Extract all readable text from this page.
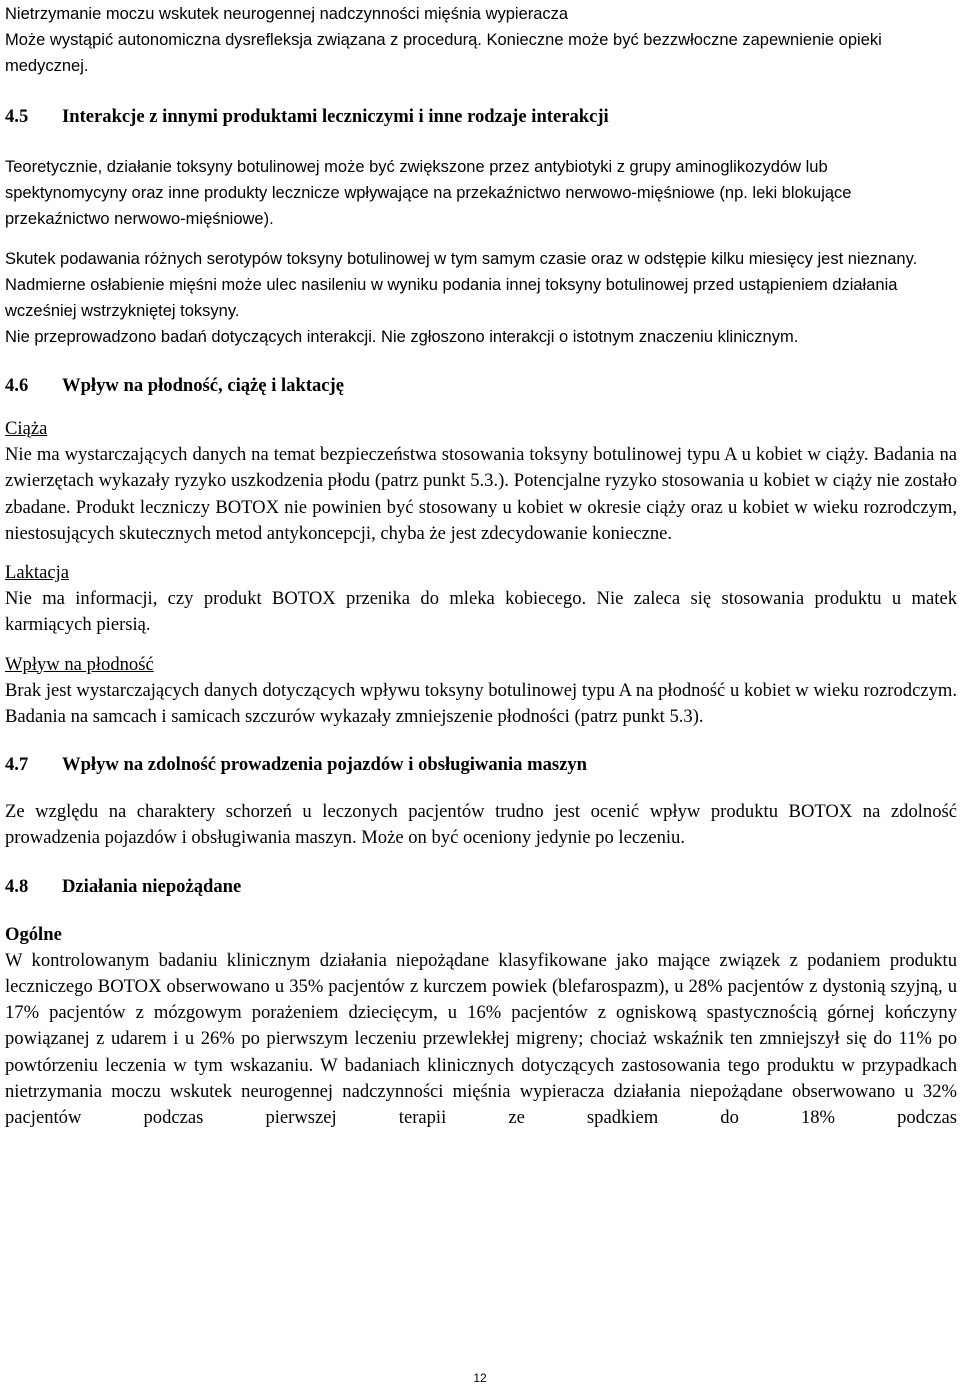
Nietrzymanie moczu wskutek neurogennej nadczynności mięśnia wypieracza

Może wystąpić autonomiczna dysrefleksja związana z procedurą. Konieczne może być bezzwłoczne zapewnienie opieki medycznej.

4.5 Interakcje z innymi produktami leczniczymi i inne rodzaje interakcji

Teoretycznie, działanie toksyny botulinowej może być zwiększone przez antybiotyki z grupy aminoglikozydów lub spektynomycyny oraz inne produkty lecznicze wpływające na przekaźnictwo nerwowo-mięśniowe (np. leki blokujące przekaźnictwo nerwowo-mięśniowe).

Skutek podawania różnych serotypów toksyny botulinowej w tym samym czasie oraz w odstępie kilku miesięcy jest nieznany. Nadmierne osłabienie mięśni może ulec nasileniu w wyniku podania innej toksyny botulinowej przed ustąpieniem działania wcześniej wstrzykniętej toksyny.

Nie przeprowadzono badań dotyczących interakcji. Nie zgłoszono interakcji o istotnym znaczeniu klinicznym.

4.6 Wpływ na płodność, ciążę i laktację

Ciąża

Nie ma wystarczających danych na temat bezpieczeństwa stosowania toksyny botulinowej typu A u kobiet w ciąży. Badania na zwierzętach wykazały ryzyko uszkodzenia płodu (patrz punkt 5.3.). Potencjalne ryzyko stosowania u kobiet w ciąży nie zostało zbadane. Produkt leczniczy BOTOX nie powinien być stosowany u kobiet w okresie ciąży oraz u kobiet w wieku rozrodczym, niestosujących skutecznych metod antykoncepcji, chyba że jest zdecydowanie konieczne.

Laktacja

Nie ma informacji, czy produkt BOTOX przenika do mleka kobiecego. Nie zaleca się stosowania produktu u matek karmiących piersią.

Wpływ na płodność

Brak jest wystarczających danych dotyczących wpływu toksyny botulinowej typu A na płodność u kobiet w wieku rozrodczym. Badania na samcach i samicach szczurów wykazały zmniejszenie płodności (patrz punkt 5.3).

4.7 Wpływ na zdolność prowadzenia pojazdów i obsługiwania maszyn

Ze względu na charaktery schorzeń u leczonych pacjentów trudno jest ocenić wpływ produktu BOTOX na zdolność prowadzenia pojazdów i obsługiwania maszyn. Może on być oceniony jedynie po leczeniu.

4.8 Działania niepożądane

Ogólne

W kontrolowanym badaniu klinicznym działania niepożądane klasyfikowane jako mające związek z podaniem produktu leczniczego BOTOX obserwowano u 35% pacjentów z kurczem powiek (blefarospazm), u 28% pacjentów z dystonią szyjną, u 17% pacjentów z mózgowym porażeniem dziecięcym, u 16% pacjentów z ogniskową spastycznością górnej kończyny powiązanej z udarem i u 26% po pierwszym leczeniu przewlekłej migreny; chociaż wskaźnik ten zmniejszył się do 11% po powtórzeniu leczenia w tym wskazaniu. W badaniach klinicznych dotyczących zastosowania tego produktu w przypadkach nietrzymania moczu wskutek neurogennej nadczynności mięśnia wypieracza działania niepożądane obserwowano u 32% pacjentów podczas pierwszej terapii ze spadkiem do 18% podczas

12
